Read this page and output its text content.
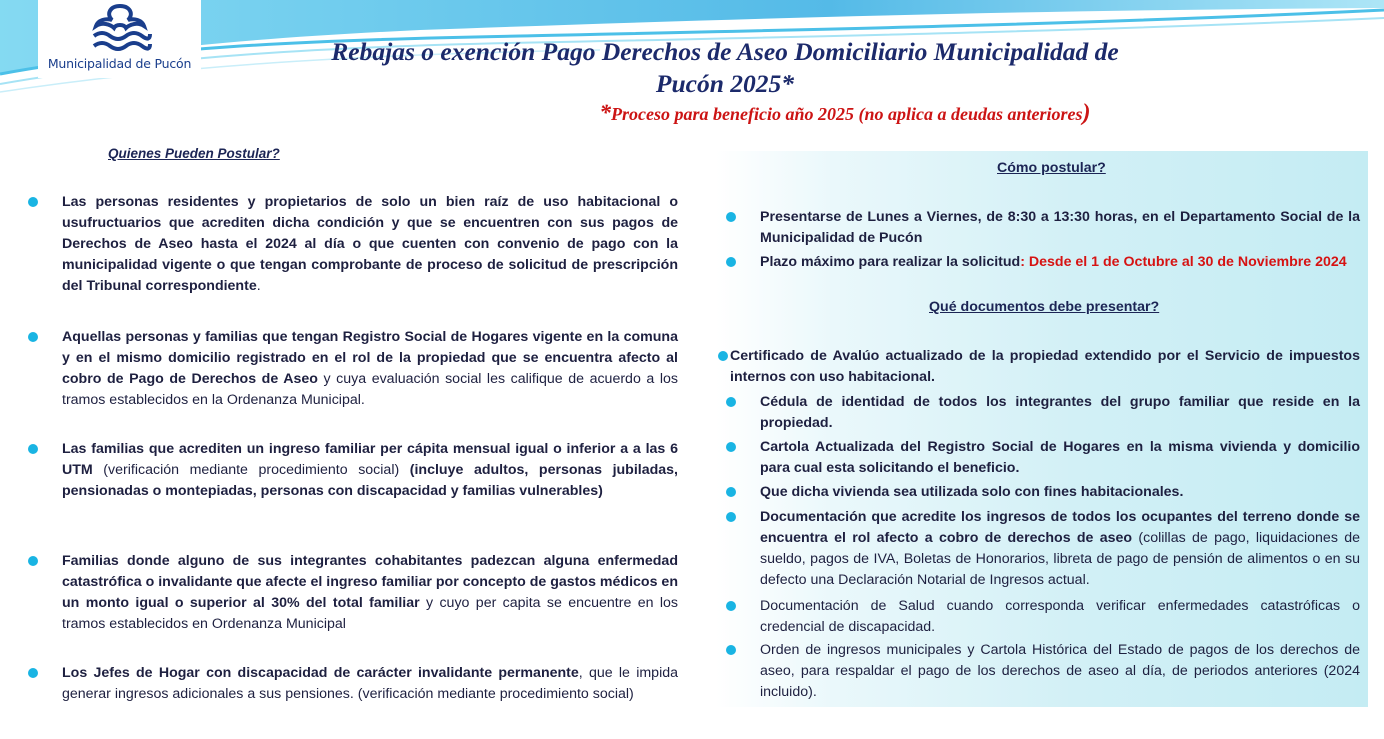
Municipalidad de Pucón	Rebajas o exención Pago Derechos de Aseo Domiciliario Municipalidad de
Pucón 2025*
*Proceso para beneficio año 2025 (no aplica a deudas anteriores)
Quienes Pueden Postular?
Las personas residentes y propietarios de solo un bien raíz de uso habitacional o usufructuarios que acrediten dicha condición y que se encuentren con sus pagos de Derechos de Aseo hasta el 2024 al día o que cuenten con convenio de pago con la municipalidad vigente o que tengan comprobante de proceso de solicitud de prescripción del Tribunal correspondiente.
Aquellas personas y familias que tengan Registro Social de Hogares vigente en la comuna y en el mismo domicilio registrado en el rol de la propiedad que se encuentra afecto al cobro de Pago de Derechos de Aseo y cuya evaluación social les califique de acuerdo a los tramos establecidos en la Ordenanza Municipal.
Las familias que acrediten un ingreso familiar per cápita mensual igual o inferior a a las 6 UTM (verificación mediante procedimiento social) (incluye adultos, personas jubiladas, pensionadas o montepiadas, personas con discapacidad y familias vulnerables)
Familias donde alguno de sus integrantes cohabitantes padezcan alguna enfermedad catastrófica o invalidante que afecte el ingreso familiar por concepto de gastos médicos en un monto igual o superior al 30% del total familiar y cuyo per capita se encuentre en los tramos establecidos en Ordenanza Municipal
Los Jefes de Hogar con discapacidad de carácter invalidante permanente, que le impida generar ingresos adicionales a sus pensiones. (verificación mediante procedimiento social)
Cómo postular?
Presentarse de Lunes a Viernes, de 8:30 a 13:30 horas, en el Departamento Social de la Municipalidad de Pucón
Plazo máximo para realizar la solicitud: Desde el 1 de Octubre al 30 de Noviembre 2024
Qué documentos debe presentar?
Certificado de Avalúo actualizado de la propiedad extendido por el Servicio de impuestos internos con uso habitacional.
Cédula de identidad de todos los integrantes del grupo familiar que reside en la propiedad.
Cartola Actualizada del Registro Social de Hogares en la misma vivienda y domicilio para cual esta solicitando el beneficio.
Que dicha vivienda sea utilizada solo con fines habitacionales.
Documentación que acredite los ingresos de todos los ocupantes del terreno donde se encuentra el rol afecto a cobro de derechos de aseo (colillas de pago, liquidaciones de sueldo, pagos de IVA, Boletas de Honorarios, libreta de pago de pensión de alimentos o en su defecto una Declaración Notarial de Ingresos actual.
Documentación de Salud cuando corresponda verificar enfermedades catastróficas o credencial de discapacidad.
Orden de ingresos municipales y Cartola Histórica del Estado de pagos de los derechos de aseo, para respaldar el pago de los derechos de aseo al día, de periodos anteriores (2024 incluido).
